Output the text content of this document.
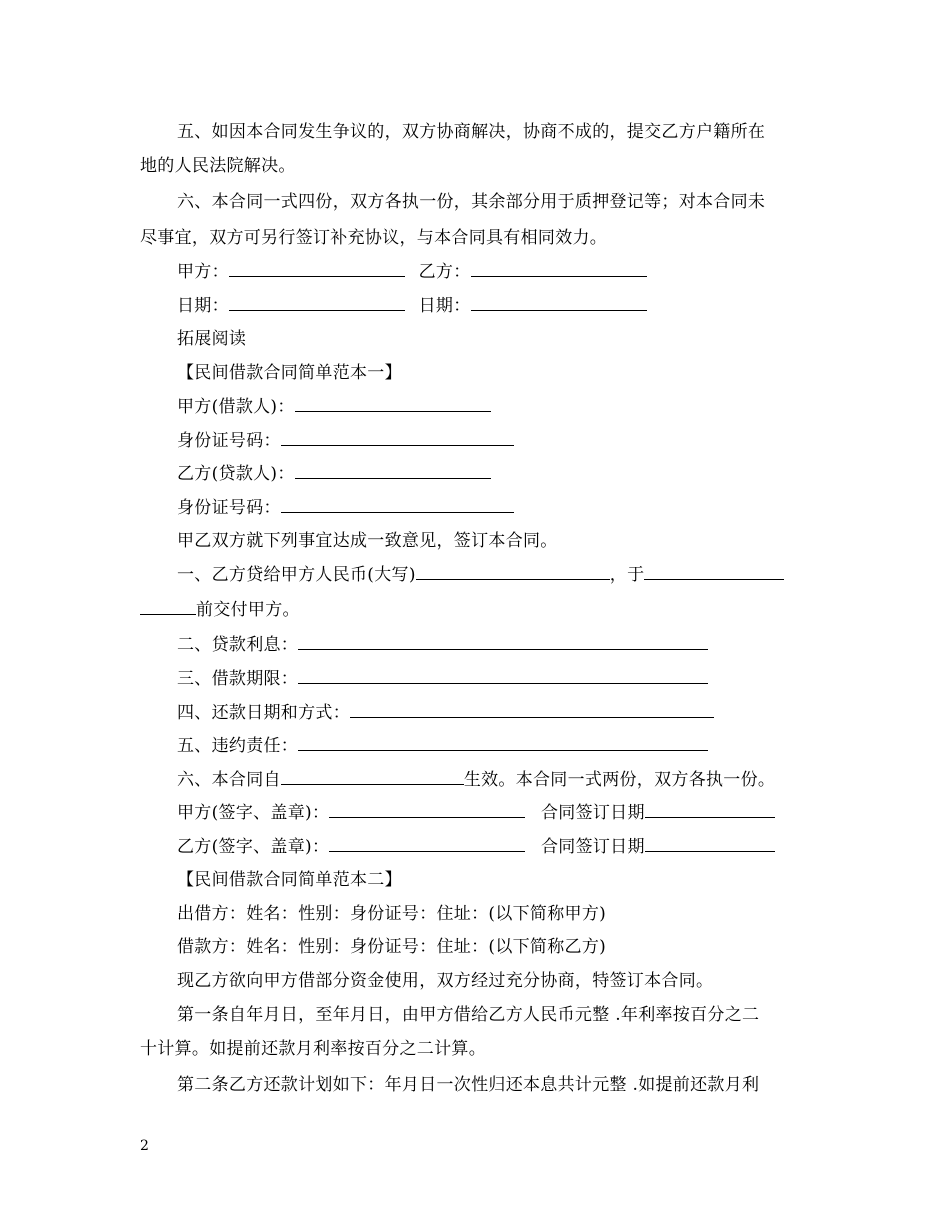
五、如因本合同发生争议的，双方协商解决，协商不成的，提交乙方户籍所在
地的人民法院解决。
六、本合同一式四份，双方各执一份，其余部分用于质押登记等；对本合同未
尽事宜，双方可另行签订补充协议，与本合同具有相同效力。
甲方：	乙方：
日期：	日期：
拓展阅读
【民间借款合同简单范本一】
甲方(借款人)：
身份证号码：
乙方(贷款人)：
身份证号码：
甲乙双方就下列事宜达成一致意见，签订本合同。
一、乙方贷给甲方人民币(大写)	，于
前交付甲方。
二、贷款利息：
三、借款期限：
四、还款日期和方式：
五、违约责任：
六、本合同自	生效。本合同一式两份，双方各执一份。
甲方(签字、盖章)：	合同签订日期
乙方(签字、盖章)：	合同签订日期
【民间借款合同简单范本二】
出借方：姓名：性别：身份证号：住址：(以下简称甲方)
借款方：姓名：性别：身份证号：住址：(以下简称乙方)
现乙方欲向甲方借部分资金使用，双方经过充分协商，特签订本合同。
第一条自年月日，至年月日，由甲方借给乙方人民币元整 .年利率按百分之二
十计算。如提前还款月利率按百分之二计算。
第二条乙方还款计划如下：年月日一次性归还本息共计元整 .如提前还款月利
2
